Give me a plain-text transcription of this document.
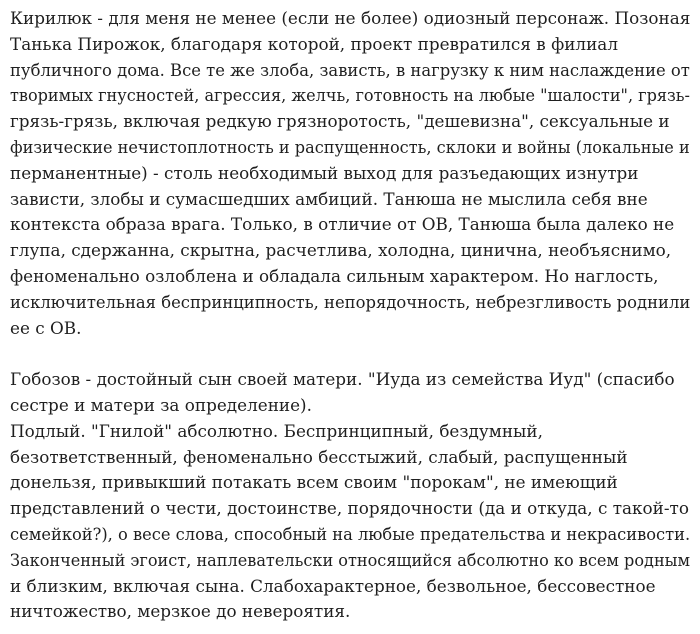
Кирилюк - для меня не менее (если не более) одиозный персонаж. Позоная
Танька Пирожок, благодаря которой, проект превратился в филиал
публичного дома. Все те же злоба, зависть, в нагрузку к ним наслаждение от
творимых гнусностей, агрессия, желчь, готовность на любые "шалости", грязь-
грязь-грязь, включая редкую грязноротость, "дешевизна", сексуальные и
физические нечистоплотность и распущенность, склоки и войны (локальные и
перманентные) - столь необходимый выход для разъедающих изнутри
зависти, злобы и сумасшедших амбиций. Танюша не мыслила себя вне
контекста образа врага. Только, в отличие от ОВ, Танюша была далеко не
глупа, сдержанна, скрытна, расчетлива, холодна, цинична, необъяснимо,
феноменально озлоблена и обладала сильным характером. Но наглость,
исключительная беспринципность, непорядочность, небрезгливость роднили
ее с ОВ.
Гобозов - достойный сын своей матери. "Иуда из семейства Иуд" (спасибо
сестре и матери за определение).
Подлый. "Гнилой" абсолютно. Беспринципный, бездумный,
безответственный, феноменально бесстыжий, слабый, распущенный
донельзя, привыкший потакать всем своим "порокам", не имеющий
представлений о чести, достоинстве, порядочности (да и откуда, с такой-то
семейкой?), о весе слова, способный на любые предательства и некрасивости.
Законченный эгоист, наплевательски относящийся абсолютно ко всем родным
и близким, включая сына. Слабохарактерное, безвольное, бессовестное
ничтожество, мерзкое до невероятия.
